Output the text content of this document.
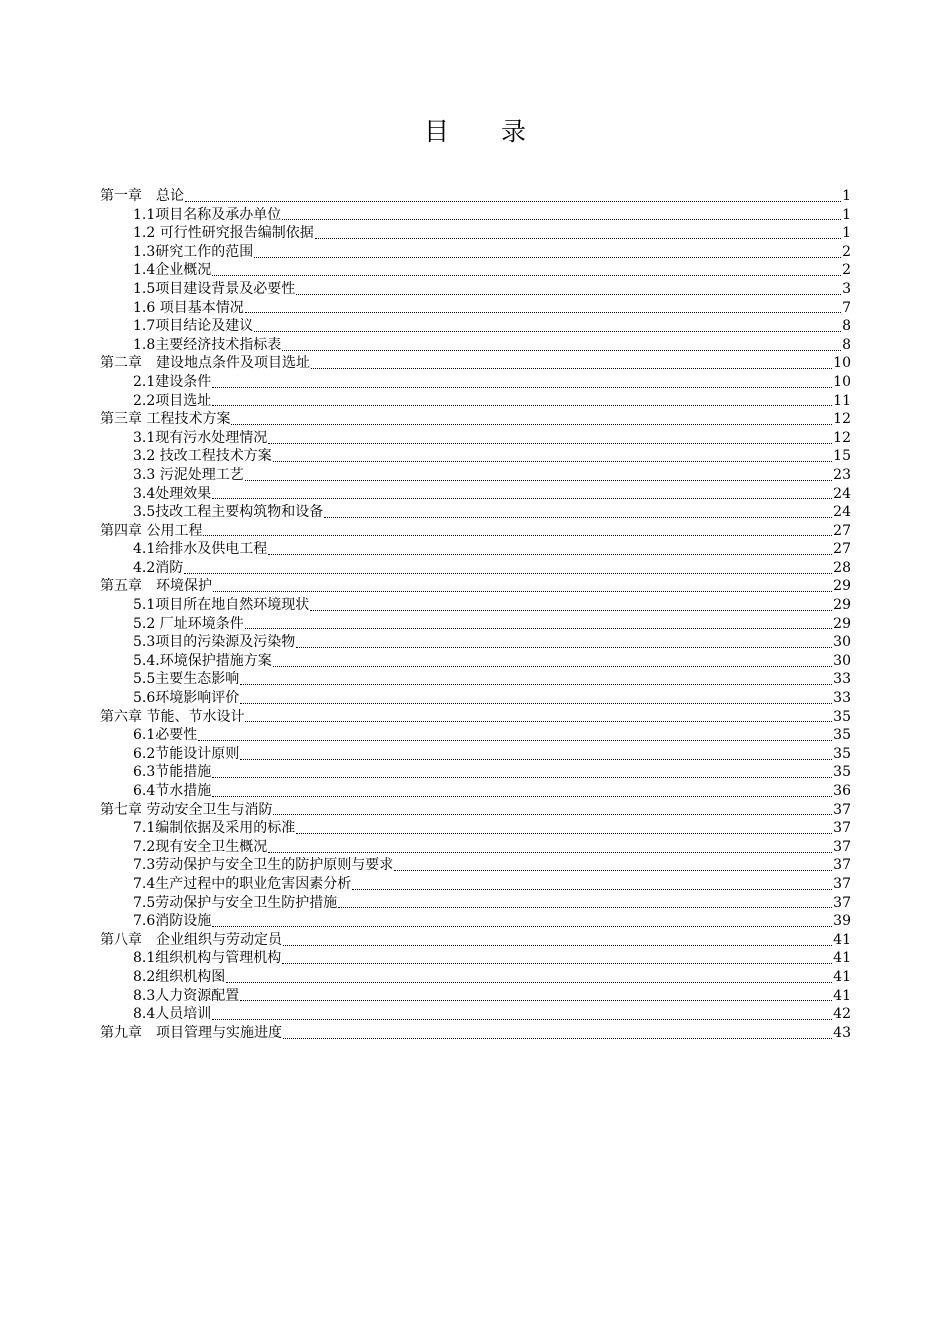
目 录
第一章　总论	1
1.1项目名称及承办单位	1
1.2 可行性研究报告编制依据	1
1.3研究工作的范围	2
1.4企业概况	2
1.5项目建设背景及必要性	3
1.6 项目基本情况	7
1.7项目结论及建议	8
1.8主要经济技术指标表	8
第二章　建设地点条件及项目选址	10
2.1建设条件	10
2.2项目选址	11
第三章 工程技术方案	12
3.1现有污水处理情况	12
3.2 技改工程技术方案	15
3.3 污泥处理工艺	23
3.4处理效果	24
3.5技改工程主要构筑物和设备	24
第四章 公用工程	27
4.1给排水及供电工程	27
4.2消防	28
第五章　环境保护	29
5.1项目所在地自然环境现状	29
5.2 厂址环境条件	29
5.3项目的污染源及污染物	30
5.4.环境保护措施方案	30
5.5主要生态影响	33
5.6环境影响评价	33
第六章 节能、节水设计	35
6.1必要性	35
6.2节能设计原则	35
6.3节能措施	35
6.4节水措施	36
第七章 劳动安全卫生与消防	37
7.1编制依据及采用的标准	37
7.2现有安全卫生概况	37
7.3劳动保护与安全卫生的防护原则与要求	37
7.4生产过程中的职业危害因素分析	37
7.5劳动保护与安全卫生防护措施	37
7.6消防设施	39
第八章　企业组织与劳动定员	41
8.1组织机构与管理机构	41
8.2组织机构图	41
8.3人力资源配置	41
8.4人员培训	42
第九章　项目管理与实施进度	43
